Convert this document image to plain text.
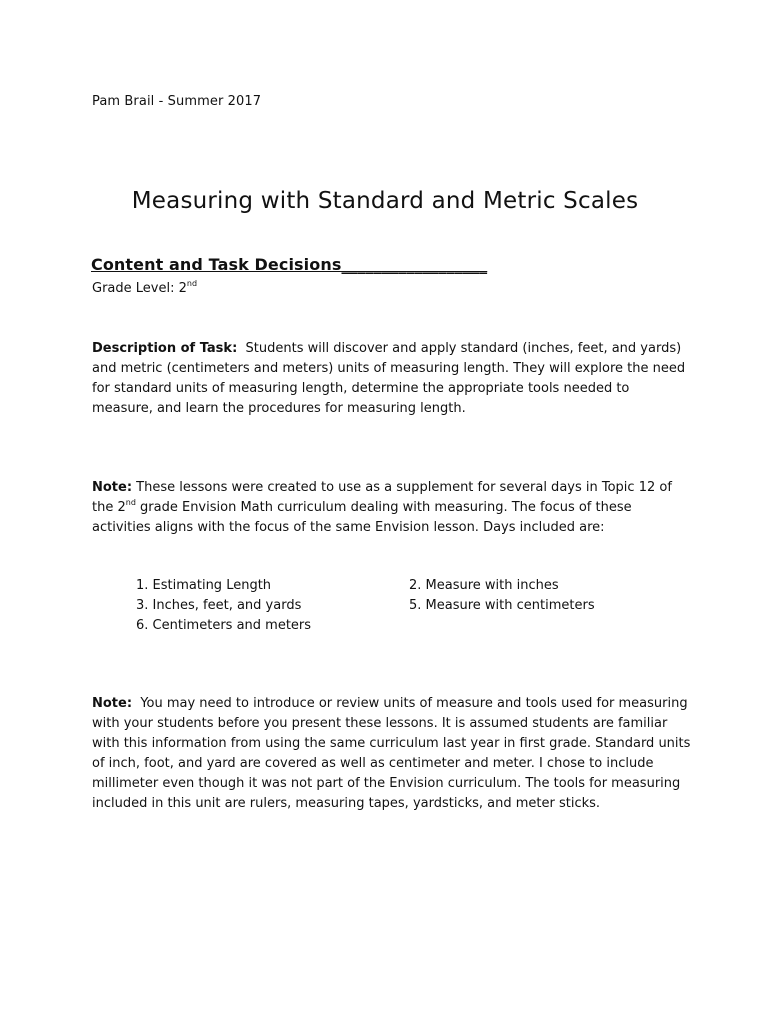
Pam Brail - Summer 2017
Measuring with Standard and Metric Scales
Content and Task Decisions__________________
Grade Level: 2nd
Description of Task: Students will discover and apply standard (inches, feet, and yards) and metric (centimeters and meters) units of measuring length. They will explore the need for standard units of measuring length, determine the appropriate tools needed to measure, and learn the procedures for measuring length.
Note: These lessons were created to use as a supplement for several days in Topic 12 of the 2nd grade Envision Math curriculum dealing with measuring. The focus of these activities aligns with the focus of the same Envision lesson. Days included are:
1. Estimating Length	2. Measure with inches
3. Inches, feet, and yards	5. Measure with centimeters
6. Centimeters and meters
Note: You may need to introduce or review units of measure and tools used for measuring with your students before you present these lessons. It is assumed students are familiar with this information from using the same curriculum last year in first grade. Standard units of inch, foot, and yard are covered as well as centimeter and meter. I chose to include millimeter even though it was not part of the Envision curriculum. The tools for measuring included in this unit are rulers, measuring tapes, yardsticks, and meter sticks.
